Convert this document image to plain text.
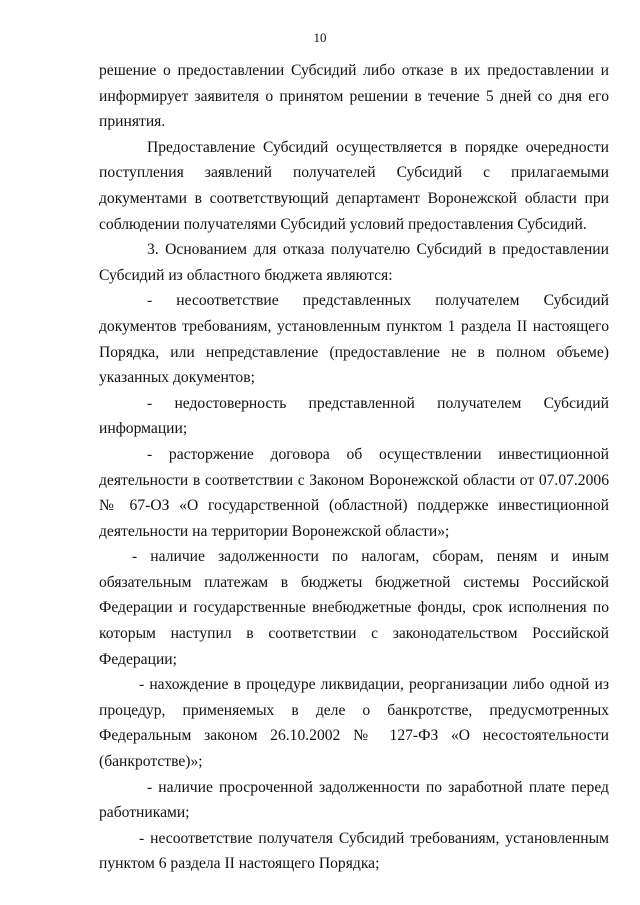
10

решение о предоставлении Субсидий либо отказе в их предоставлении и информирует заявителя о принятом решении в течение 5 дней со дня его принятия.

Предоставление Субсидий осуществляется в порядке очередности поступления заявлений получателей Субсидий с прилагаемыми документами в соответствующий департамент Воронежской области при соблюдении получателями Субсидий условий предоставления Субсидий.

3. Основанием для отказа получателю Субсидий в предоставлении Субсидий из областного бюджета являются:

- несоответствие представленных получателем Субсидий документов требованиям, установленным пунктом 1 раздела II настоящего Порядка, или непредставление (предоставление не в полном объеме) указанных документов;

- недостоверность представленной получателем Субсидий информации;

- расторжение договора об осуществлении инвестиционной деятельности в соответствии с Законом Воронежской области от 07.07.2006 № 67-ОЗ «О государственной (областной) поддержке инвестиционной деятельности на территории Воронежской области»;

- наличие задолженности по налогам, сборам, пеням и иным обязательным платежам в бюджеты бюджетной системы Российской Федерации и государственные внебюджетные фонды, срок исполнения по которым наступил в соответствии с законодательством Российской Федерации;

- нахождение в процедуре ликвидации, реорганизации либо одной из процедур, применяемых в деле о банкротстве, предусмотренных Федеральным законом 26.10.2002 № 127-ФЗ «О несостоятельности (банкротстве)»;

- наличие просроченной задолженности по заработной плате перед работниками;

- несоответствие получателя Субсидий требованиям, установленным пунктом 6 раздела II настоящего Порядка;
